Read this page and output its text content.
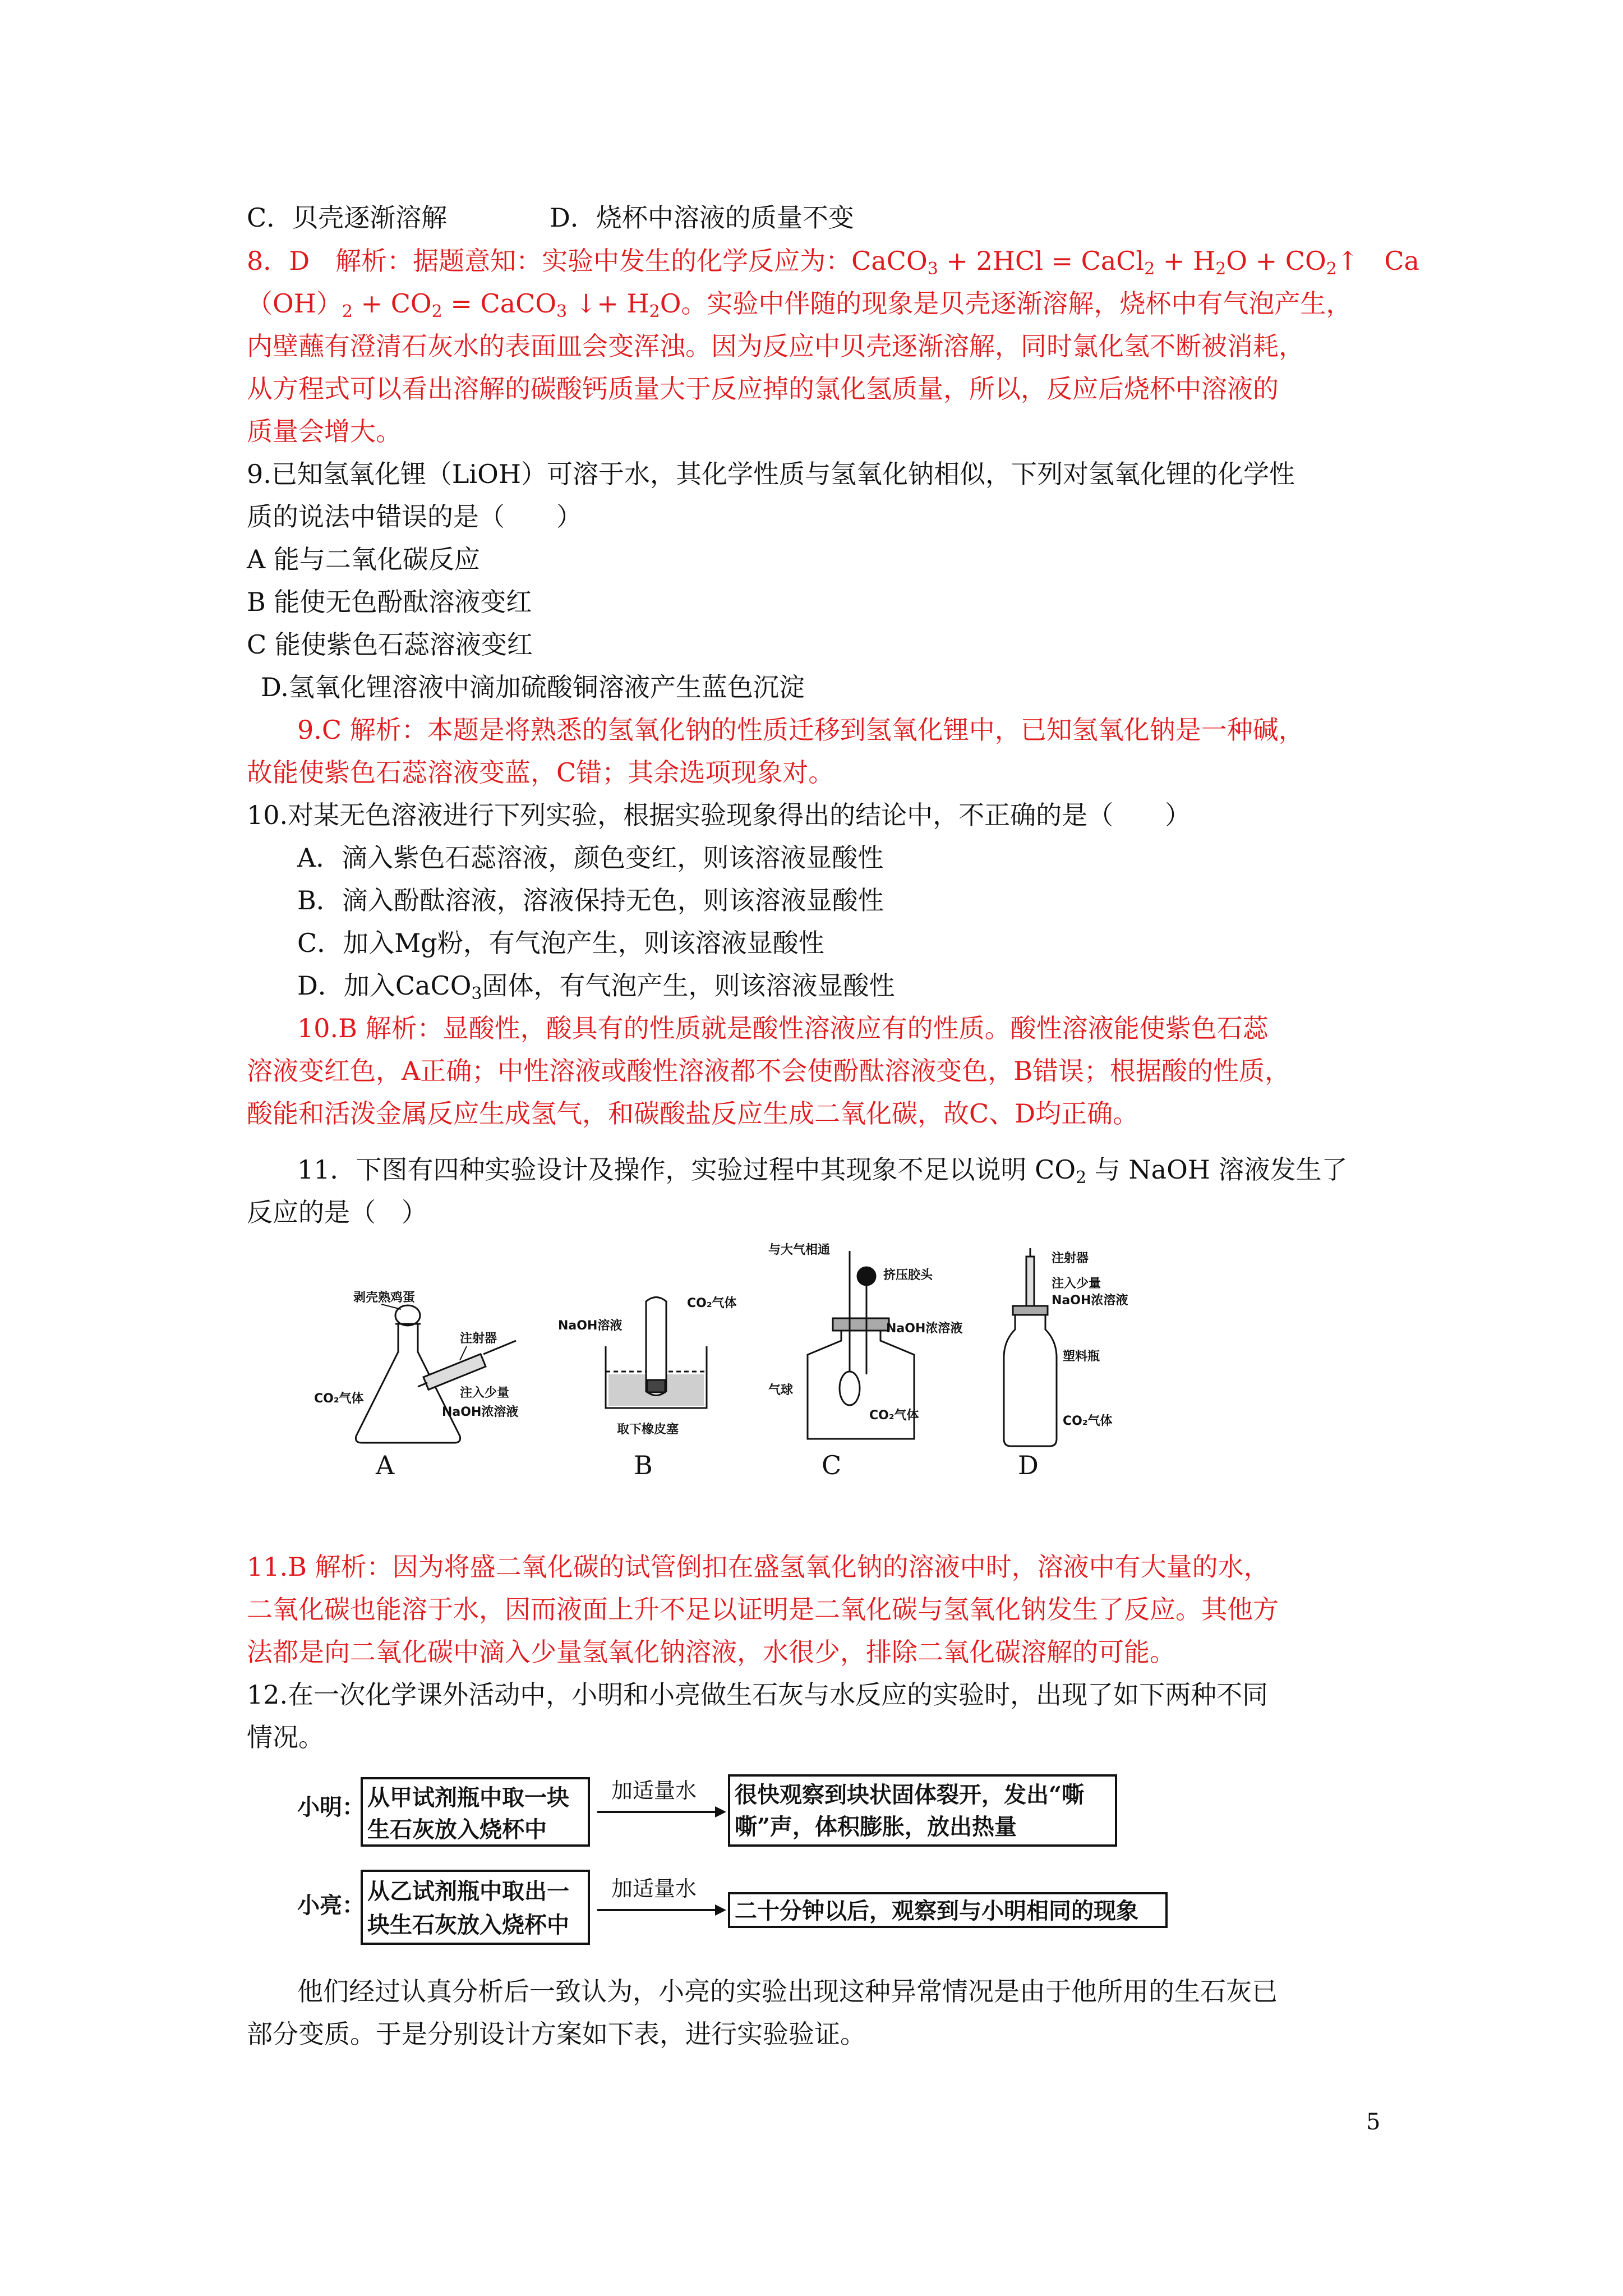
C．贝壳逐渐溶解	D．烧杯中溶液的质量不变
8．D　解析：据题意知：实验中发生的化学反应为：CaCO$_3$ + 2HCl = CaCl$_2$ + $H_2O$ + $CO_2↑$　Ca
$(OH)_2 + CO_2$ = CaCO$_3$ ↓+ $H_2O$。实验中伴随的现象是贝壳逐渐溶解，烧杯中有气泡产生，
内壁蘸有澄清石灰水的表面皿会变浑浊。因为反应中贝壳逐渐溶解，同时氯化氢不断被消耗，
从方程式可以看出溶解的碳酸钙质量大于反应掉的氯化氢质量，所以，反应后烧杯中溶液的
质量会增大。
9.已知氢氧化锂（LiOH）可溶于水，其化学性质与氢氧化钠相似，下列对氢氧化锂的化学性
质的说法中错误的是（　　）
A 能与二氧化碳反应
B 能使无色酚酞溶液变红
C 能使紫色石蕊溶液变红
D.氢氧化锂溶液中滴加硫酸铜溶液产生蓝色沉淀
9.C 解析：本题是将熟悉的氢氧化钠的性质迁移到氢氧化锂中，已知氢氧化钠是一种碱，
故能使紫色石蕊溶液变蓝，C错；其余选项现象对。
10.对某无色溶液进行下列实验，根据实验现象得出的结论中，不正确的是（　　）
A．滴入紫色石蕊溶液，颜色变红，则该溶液显酸性
B．滴入酚酞溶液，溶液保持无色，则该溶液显酸性
C．加入Mg粉，有气泡产生，则该溶液显酸性
D．加入CaCO$_3$固体，有气泡产生，则该溶液显酸性
10.B 解析：显酸性，酸具有的性质就是酸性溶液应有的性质。酸性溶液能使紫色石蕊
溶液变红色，A正确；中性溶液或酸性溶液都不会使酚酞溶液变色，B错误；根据酸的性质，
酸能和活泼金属反应生成氢气，和碳酸盐反应生成二氧化碳，故C、D均正确。
11．下图有四种实验设计及操作，实验过程中其现象不足以说明 $CO_2$ 与 NaOH 溶液发生了
反应的是（　）
剥壳熟鸡蛋
注射器
CO₂气体	注入少量
NaOH浓溶液
NaOH溶液
CO₂气体
取下橡皮塞
与大气相通
挤压胶头
NaOH浓溶液
气球
CO₂气体
注射器
注入少量
NaOH浓溶液
塑料瓶
CO₂气体
A	B	C	D
11.B 解析：因为将盛二氧化碳的试管倒扣在盛氢氧化钠的溶液中时，溶液中有大量的水，
二氧化碳也能溶于水，因而液面上升不足以证明是二氧化碳与氢氧化钠发生了反应。其他方
法都是向二氧化碳中滴入少量氢氧化钠溶液，水很少，排除二氧化碳溶解的可能。
12.在一次化学课外活动中，小明和小亮做生石灰与水反应的实验时，出现了如下两种不同
情况。
小明： 从甲试剂瓶中取一块
生石灰放入烧杯中
加适量水 很快观察到块状固体裂开，发出“嘶
嘶”声，体积膨胀，放出热量
小亮：
从乙试剂瓶中取出一
块生石灰放入烧杯中
加适量水
二十分钟以后，观察到与小明相同的现象
他们经过认真分析后一致认为，小亮的实验出现这种异常情况是由于他所用的生石灰已
部分变质。于是分别设计方案如下表，进行实验验证。
5
